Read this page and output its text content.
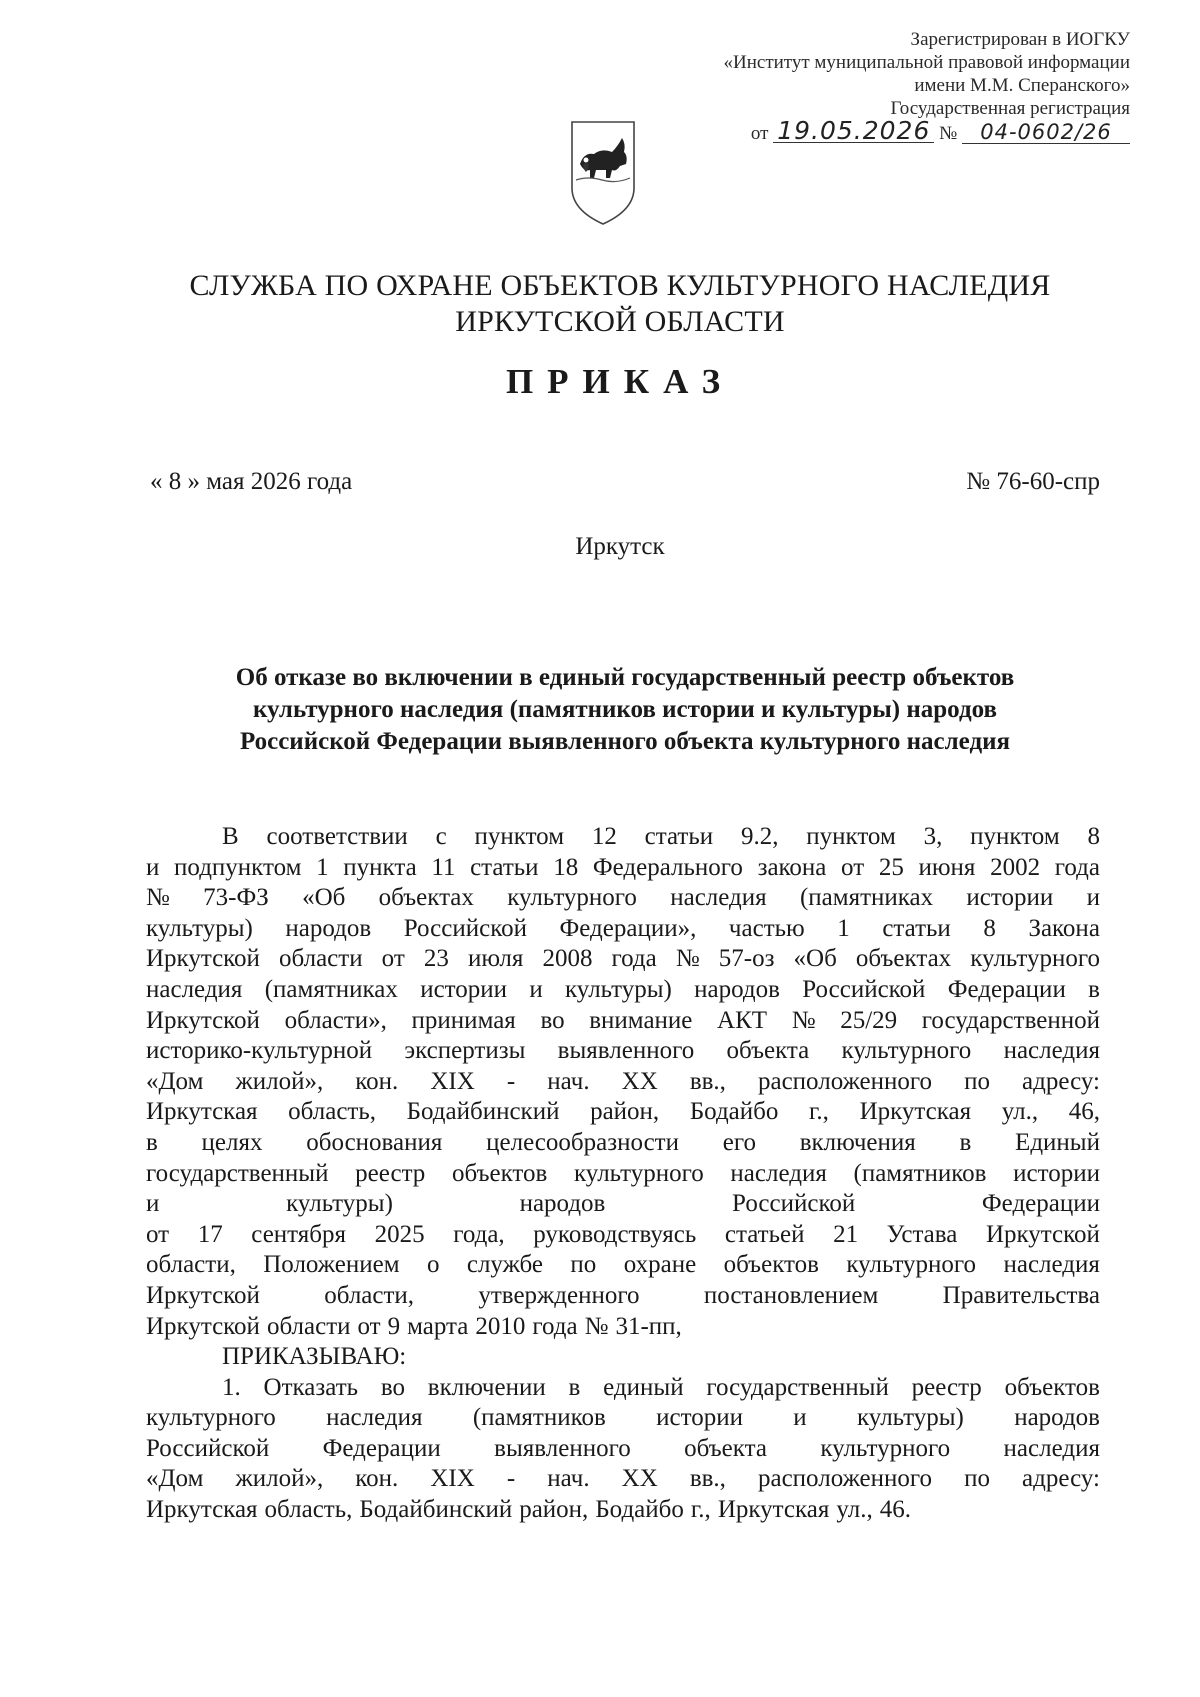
Зарегистрирован в ИОГКУ
«Институт муниципальной правовой информации
имени М.М. Сперанского»
Государственная регистрация
от 19.05.2026 № 04-0602/26
СЛУЖБА ПО ОХРАНЕ ОБЪЕКТОВ КУЛЬТУРНОГО НАСЛЕДИЯ
ИРКУТСКОЙ ОБЛАСТИ
ПРИКАЗ
« 8 » мая 2026 года	№ 76-60-спр
Иркутск
Об отказе во включении в единый государственный реестр объектов
культурного наследия (памятников истории и культуры) народов
Российской Федерации выявленного объекта культурного наследия
В соответствии с пунктом 12 статьи 9.2, пунктом 3, пунктом 8
и подпунктом 1 пункта 11 статьи 18 Федерального закона от 25 июня 2002 года
№ 73-ФЗ «Об объектах культурного наследия (памятниках истории и
культуры) народов Российской Федерации», частью 1 статьи 8 Закона
Иркутской области от 23 июля 2008 года № 57-оз «Об объектах культурного
наследия (памятниках истории и культуры) народов Российской Федерации в
Иркутской области», принимая во внимание АКТ № 25/29 государственной
историко-культурной экспертизы выявленного объекта культурного наследия
«Дом жилой», кон. XIX - нач. XX вв., расположенного по адресу:
Иркутская область, Бодайбинский район, Бодайбо г., Иркутская ул., 46,
в целях обоснования целесообразности его включения в Единый
государственный реестр объектов культурного наследия (памятников истории
и	культуры)	народов	Российской	Федерации
от 17 сентября 2025 года, руководствуясь статьей 21 Устава Иркутской
области, Положением о службе по охране объектов культурного наследия
Иркутской	области,	утвержденного	постановлением	Правительства
Иркутской области от 9 марта 2010 года № 31-пп,
ПРИКАЗЫВАЮ:
1. Отказать во включении в единый государственный реестр объектов
культурного наследия (памятников истории и культуры) народов
Российской Федерации выявленного объекта культурного наследия
«Дом жилой», кон. XIX - нач. XX вв., расположенного по адресу:
Иркутская область, Бодайбинский район, Бодайбо г., Иркутская ул., 46.
